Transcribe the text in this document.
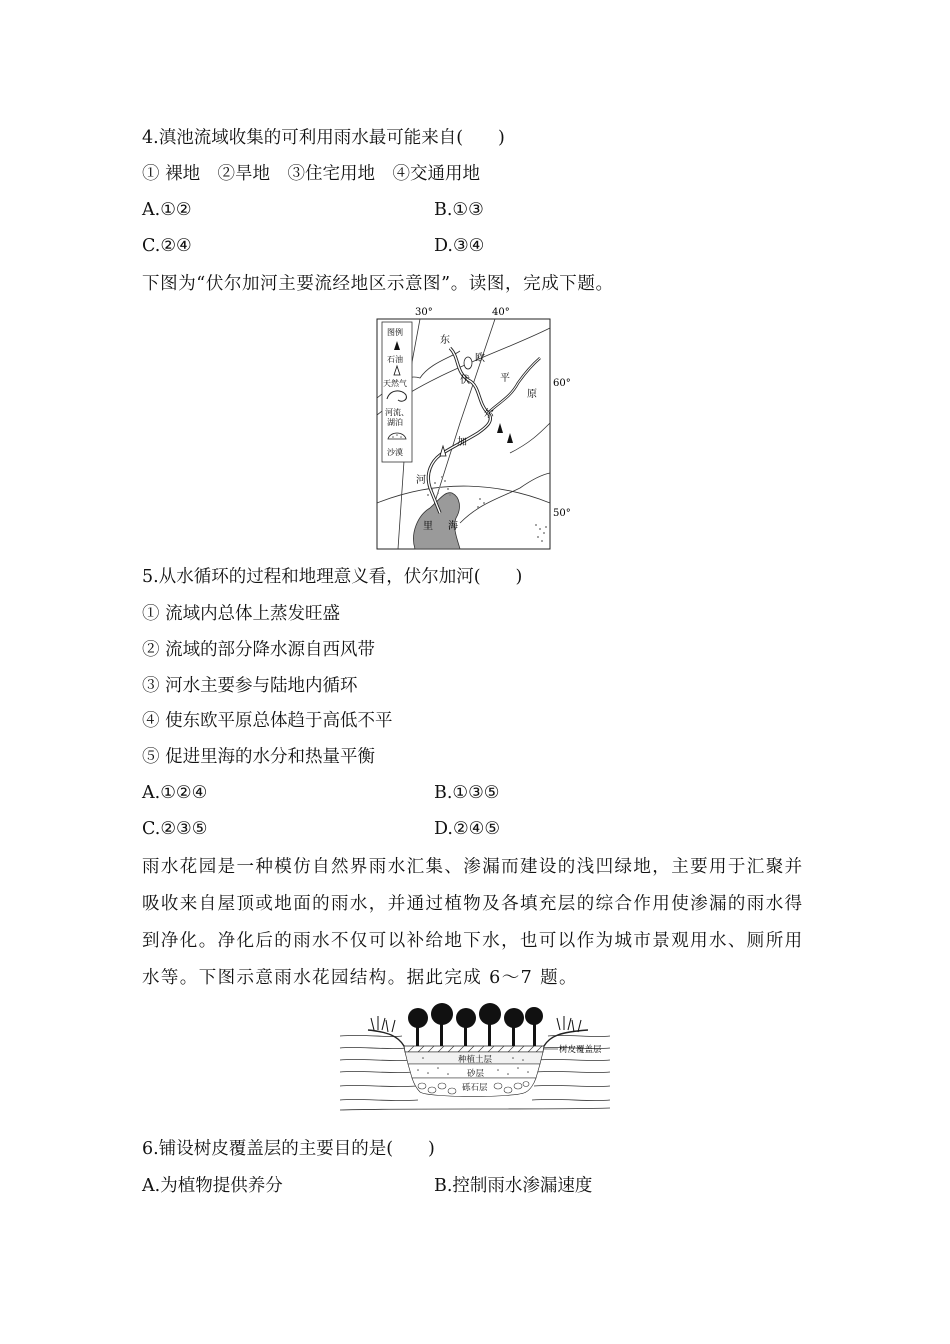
4.滇池流域收集的可利用雨水最可能来自(　　)
① 裸地　②旱地　③住宅用地　④交通用地
A.①②	B.①③
C.②④	D.③④
下图为“伏尔加河主要流经地区示意图”。读图，完成下题。
30°	40°
60°
50°
东
欧
平
原
伏
尔
加
河
里 海
图例
石油
天然气
河流、
湖泊
沙漠
5.从水循环的过程和地理意义看，伏尔加河(　　)
① 流域内总体上蒸发旺盛
② 流域的部分降水源自西风带
③ 河水主要参与陆地内循环
④ 使东欧平原总体趋于高低不平
⑤ 促进里海的水分和热量平衡
A.①②④	B.①③⑤
C.②③⑤	D.②④⑤
雨水花园是一种模仿自然界雨水汇集、渗漏而建设的浅凹绿地，主要用于汇聚并
吸收来自屋顶或地面的雨水，并通过植物及各填充层的综合作用使渗漏的雨水得
到净化。净化后的雨水不仅可以补给地下水，也可以作为城市景观用水、厕所用
水等。下图示意雨水花园结构。据此完成 6～7 题。
树皮覆盖层
种植土层
砂层
砾石层
6.铺设树皮覆盖层的主要目的是(　　)
A.为植物提供养分	B.控制雨水渗漏速度
